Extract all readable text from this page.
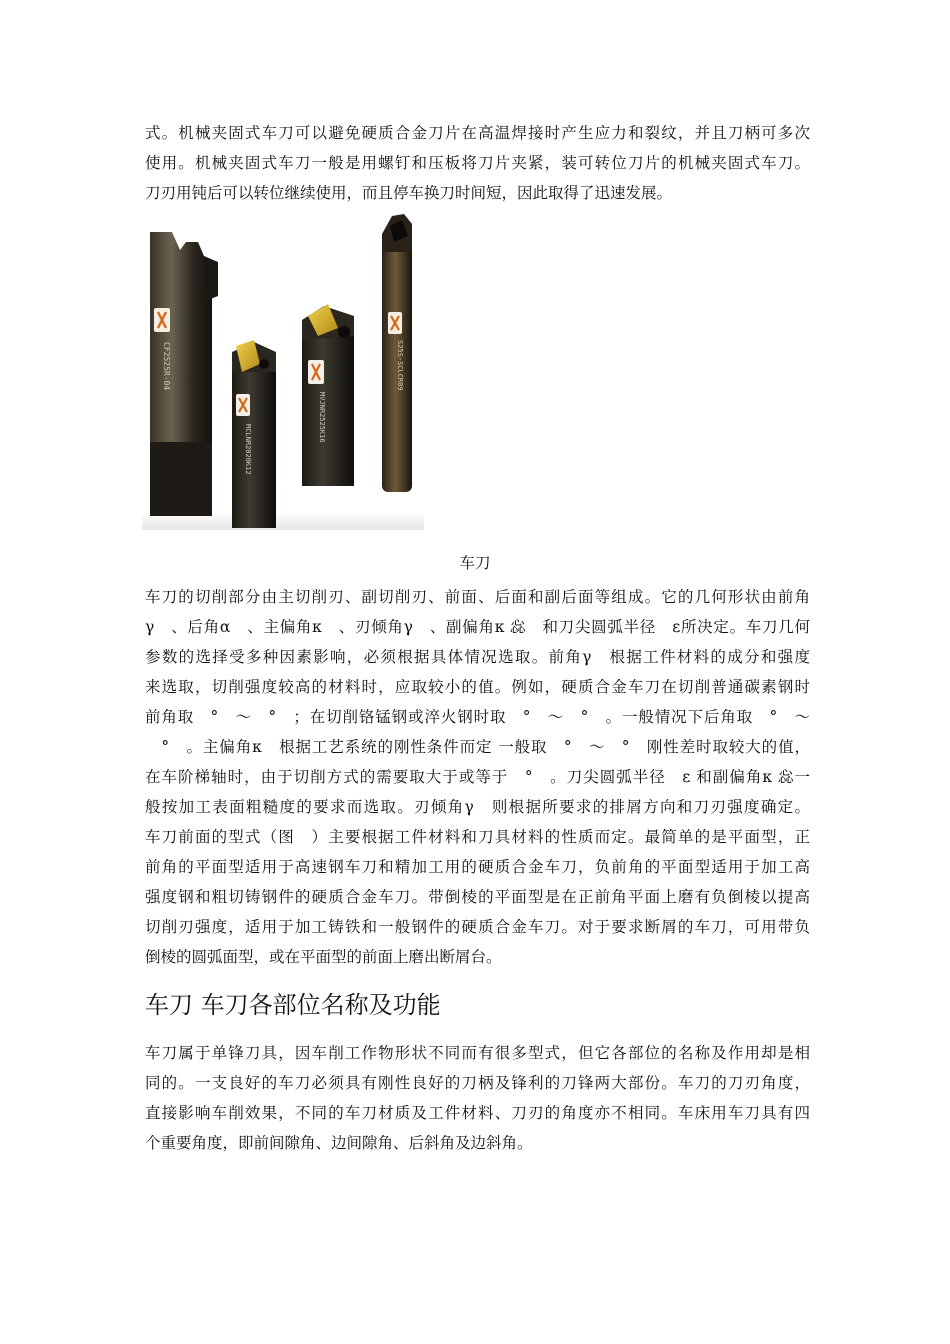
式。机械夹固式车刀可以避免硬质合金刀片在高温焊接时产生应力和裂纹，并且刀柄可多次
使用。机械夹固式车刀一般是用螺钉和压板将刀片夹紧，装可转位刀片的机械夹固式车刀。
刀刃用钝后可以转位继续使用，而且停车换刀时间短，因此取得了迅速发展。
CF2525R-04
MCLNR2020K12
MVJNR2525K16
S25S-SCLCR09
车刀
车刀的切削部分由主切削刃、副切削刃、前面、后面和副后面等组成。它的几何形状由前角
γ　、后角α　、主偏角κ　、刃倾角γ　、副偏角κ 惢　和刀尖圆弧半径　ε所决定。车刀几何
参数的选择受多种因素影响，必须根据具体情况选取。前角γ　根据工件材料的成分和强度
来选取，切削强度较高的材料时，应取较小的值。例如，硬质合金车刀在切削普通碳素钢时
前角取　°　～　°　；在切削铬锰钢或淬火钢时取　°　～　°　。一般情况下后角取　°　～
　°　。主偏角κ　根据工艺系统的刚性条件而定 一般取　°　～　°　刚性差时取较大的值，
在车阶梯轴时，由于切削方式的需要取大于或等于　°　。刀尖圆弧半径　ε 和副偏角κ 惢一
般按加工表面粗糙度的要求而选取。刃倾角γ　则根据所要求的排屑方向和刀刃强度确定。
车刀前面的型式（图　）主要根据工件材料和刀具材料的性质而定。最简单的是平面型，正
前角的平面型适用于高速钢车刀和精加工用的硬质合金车刀，负前角的平面型适用于加工高
强度钢和粗切铸钢件的硬质合金车刀。带倒棱的平面型是在正前角平面上磨有负倒棱以提高
切削刃强度，适用于加工铸铁和一般钢件的硬质合金车刀。对于要求断屑的车刀，可用带负
倒棱的圆弧面型，或在平面型的前面上磨出断屑台。
车刀 车刀各部位名称及功能
车刀属于单锋刀具，因车削工作物形状不同而有很多型式，但它各部位的名称及作用却是相
同的。一支良好的车刀必须具有刚性良好的刀柄及锋利的刀锋两大部份。车刀的刀刃角度，
直接影响车削效果，不同的车刀材质及工件材料、刀刃的角度亦不相同。车床用车刀具有四
个重要角度，即前间隙角、边间隙角、后斜角及边斜角。
